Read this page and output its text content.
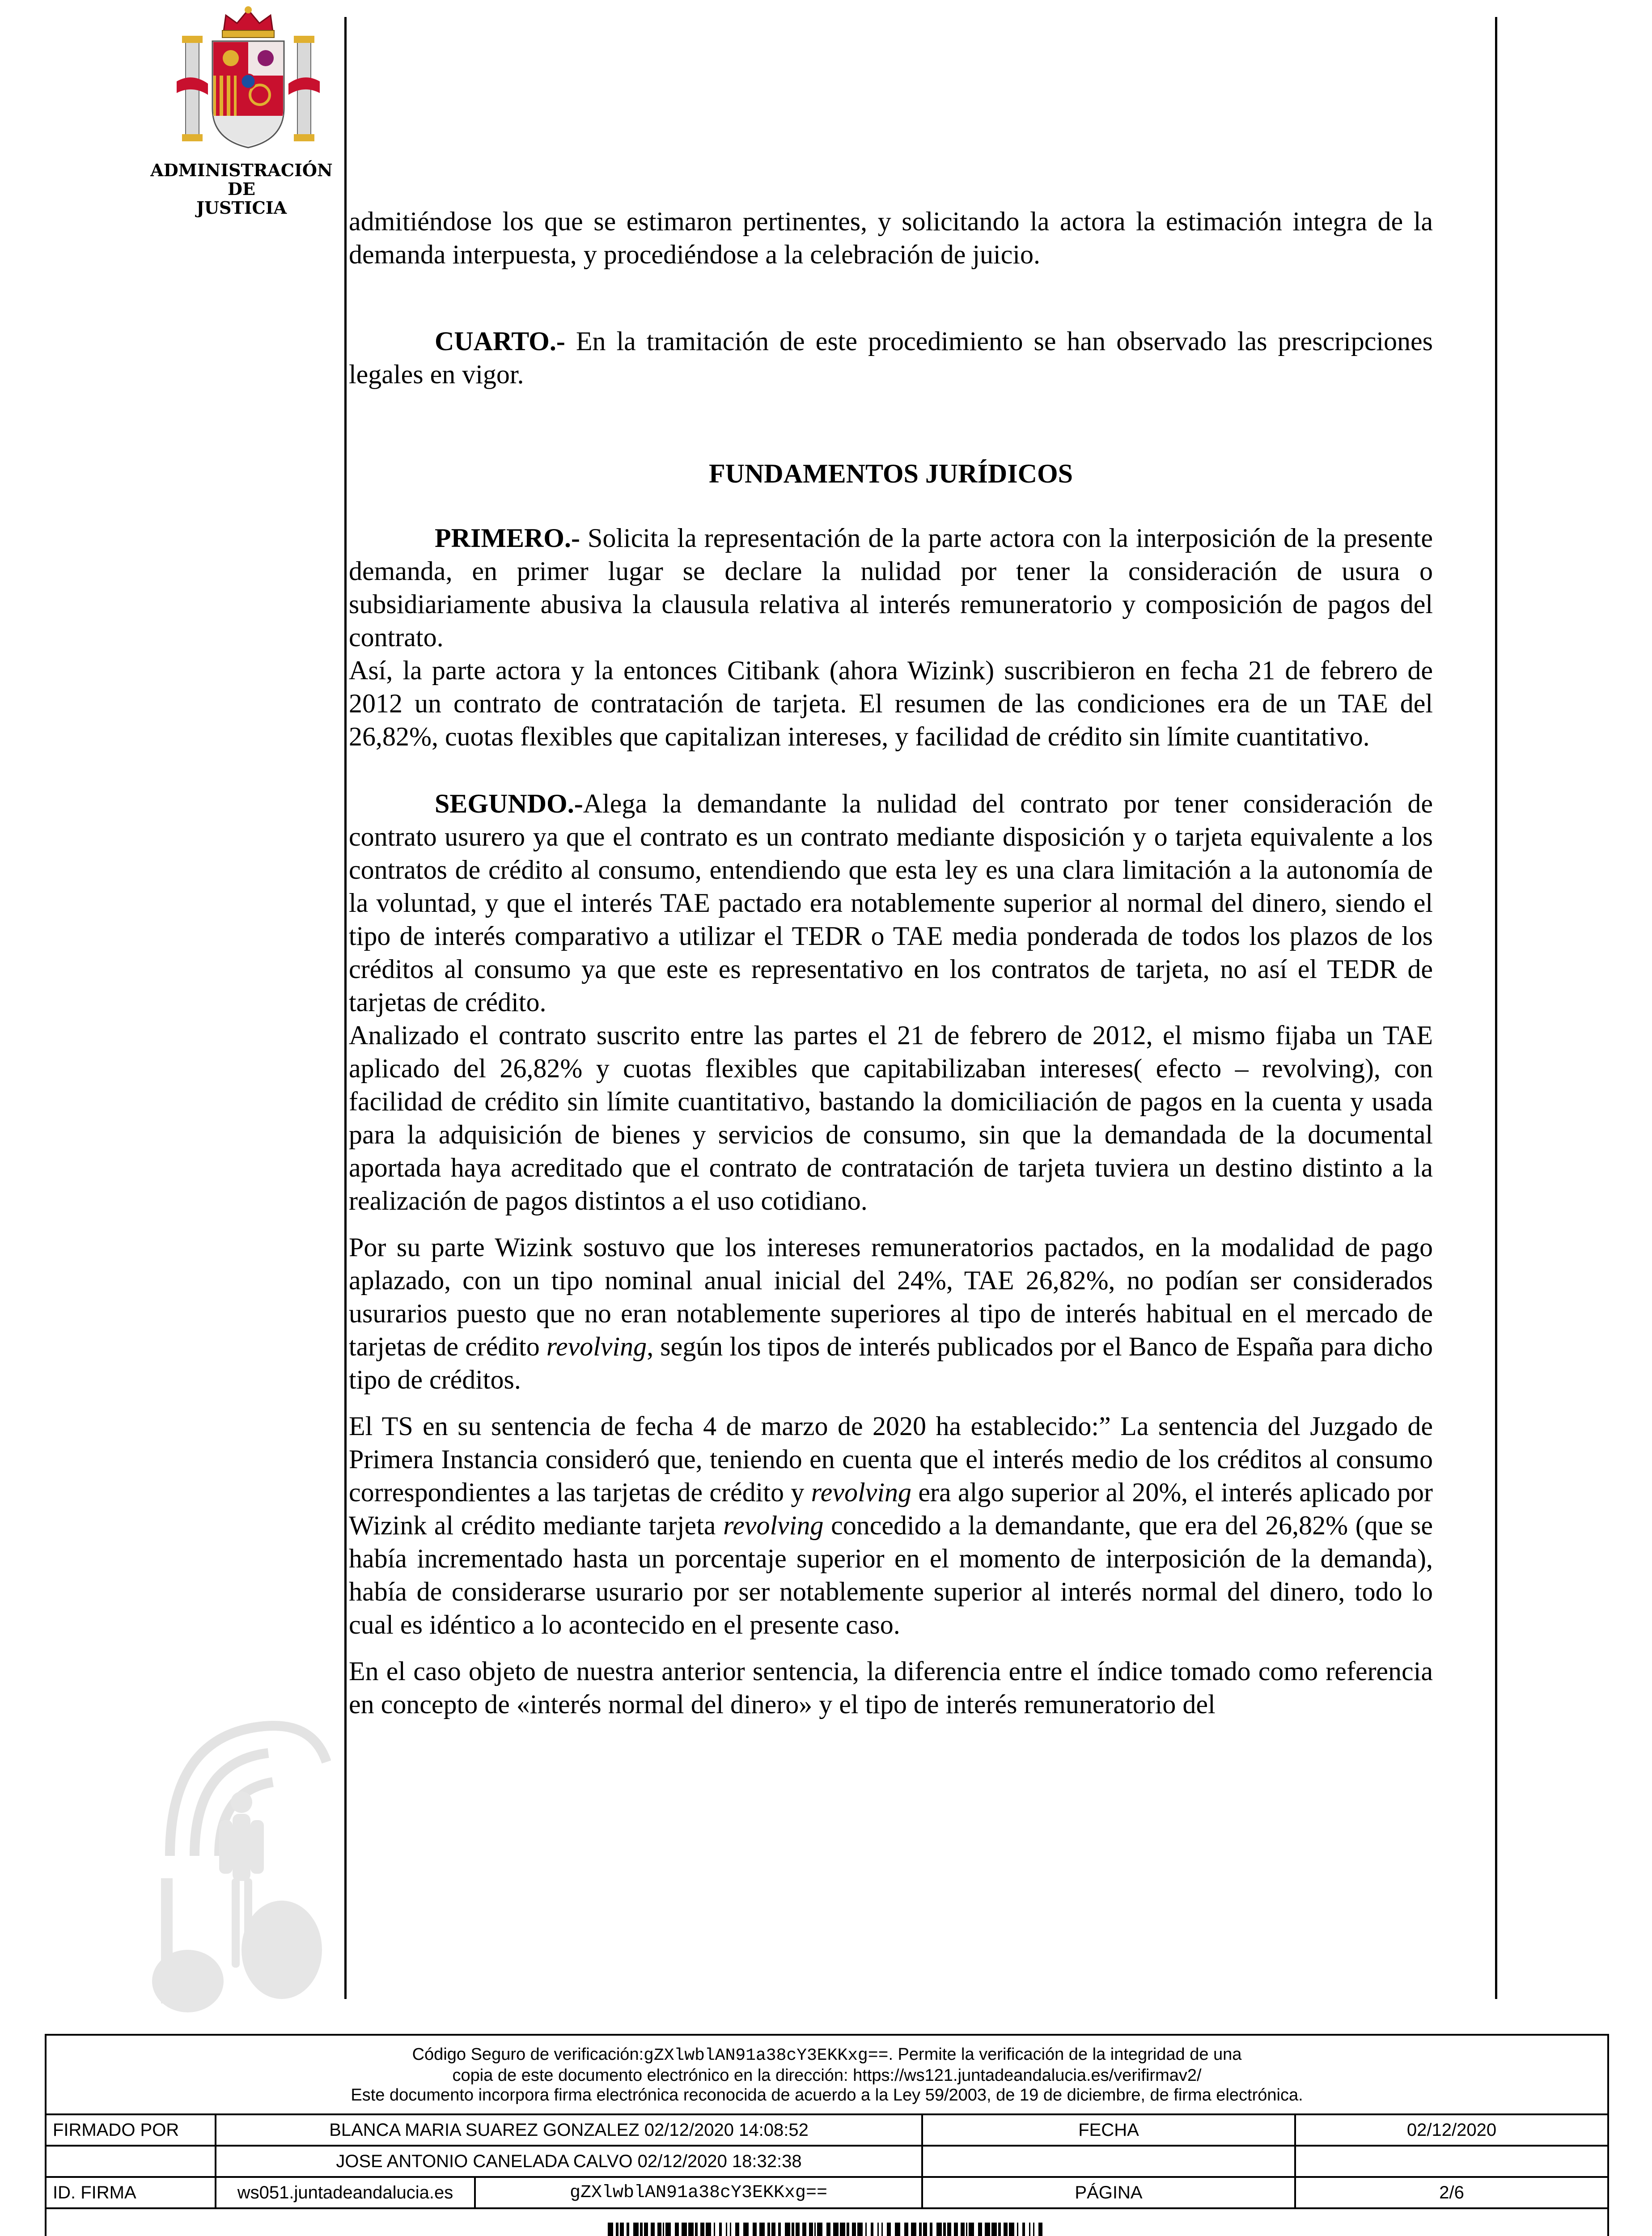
ADMINISTRACIÓN
DE
JUSTICIA	admitiéndose los que se estimaron pertinentes, y solicitando la actora la estimación integra de la demanda interpuesta, y procediéndose a la celebración de juicio.

CUARTO.- En la tramitación de este procedimiento se han observado las prescripciones legales en vigor.

FUNDAMENTOS JURÍDICOS

PRIMERO.- Solicita la representación de la parte actora con la interposición de la presente demanda, en primer lugar se declare la nulidad por tener la consideración de usura o subsidiariamente abusiva la clausula relativa al interés remuneratorio y composición de pagos del contrato.

Así, la parte actora y la entonces Citibank (ahora Wizink) suscribieron en fecha 21 de febrero de 2012 un contrato de contratación de tarjeta. El resumen de las condiciones era de un TAE del 26,82%, cuotas flexibles que capitalizan intereses, y facilidad de crédito sin límite cuantitativo.

SEGUNDO.-Alega la demandante la nulidad del contrato por tener consideración de contrato usurero ya que el contrato es un contrato mediante disposición y o tarjeta equivalente a los contratos de crédito al consumo, entendiendo que esta ley es una clara limitación a la autonomía de la voluntad, y que el interés TAE pactado era notablemente superior al normal del dinero, siendo el tipo de interés comparativo a utilizar el TEDR o TAE media ponderada de todos los plazos de los créditos al consumo ya que este es representativo en los contratos de tarjeta, no así el TEDR de tarjetas de crédito.

Analizado el contrato suscrito entre las partes el 21 de febrero de 2012, el mismo fijaba un TAE aplicado del 26,82% y cuotas flexibles que capitabilizaban intereses( efecto – revolving), con facilidad de crédito sin límite cuantitativo, bastando la domiciliación de pagos en la cuenta y usada para la adquisición de bienes y servicios de consumo, sin que la demandada de la documental aportada haya acreditado que el contrato de contratación de tarjeta tuviera un destino distinto a la realización de pagos distintos a el uso cotidiano.

Por su parte Wizink sostuvo que los intereses remuneratorios pactados, en la modalidad de pago aplazado, con un tipo nominal anual inicial del 24%, TAE 26,82%, no podían ser considerados usurarios puesto que no eran notablemente superiores al tipo de interés habitual en el mercado de tarjetas de crédito revolving, según los tipos de interés publicados por el Banco de España para dicho tipo de créditos.

El TS en su sentencia de fecha 4 de marzo de 2020 ha establecido:” La sentencia del Juzgado de Primera Instancia consideró que, teniendo en cuenta que el interés medio de los créditos al consumo correspondientes a las tarjetas de crédito y revolving era algo superior al 20%, el interés aplicado por Wizink al crédito mediante tarjeta revolving concedido a la demandante, que era del 26,82% (que se había incrementado hasta un porcentaje superior en el momento de interposición de la demanda), había de considerarse usurario por ser notablemente superior al interés normal del dinero, todo lo cual es idéntico a lo acontecido en el presente caso.

En el caso objeto de nuestra anterior sentencia, la diferencia entre el índice tomado como referencia en concepto de «interés normal del dinero» y el tipo de interés remuneratorio del

Código Seguro de verificación:gZXlwblAN91a38cY3EKKxg==. Permite la verificación de la integridad de una
copia de este documento electrónico en la dirección: https://ws121.juntadeandalucia.es/verifirmav2/
Este documento incorpora firma electrónica reconocida de acuerdo a la Ley 59/2003, de 19 de diciembre, de firma electrónica.				

FIRMADO POR	BLANCA MARIA SUAREZ GONZALEZ 02/12/2020 14:08:52		FECHA	02/12/2020
	JOSE ANTONIO CANELADA CALVO 02/12/2020 18:32:38			
ID. FIRMA	ws051.juntadeandalucia.es	gZXlwblAN91a38cY3EKKxg==	PÁGINA	2/6
